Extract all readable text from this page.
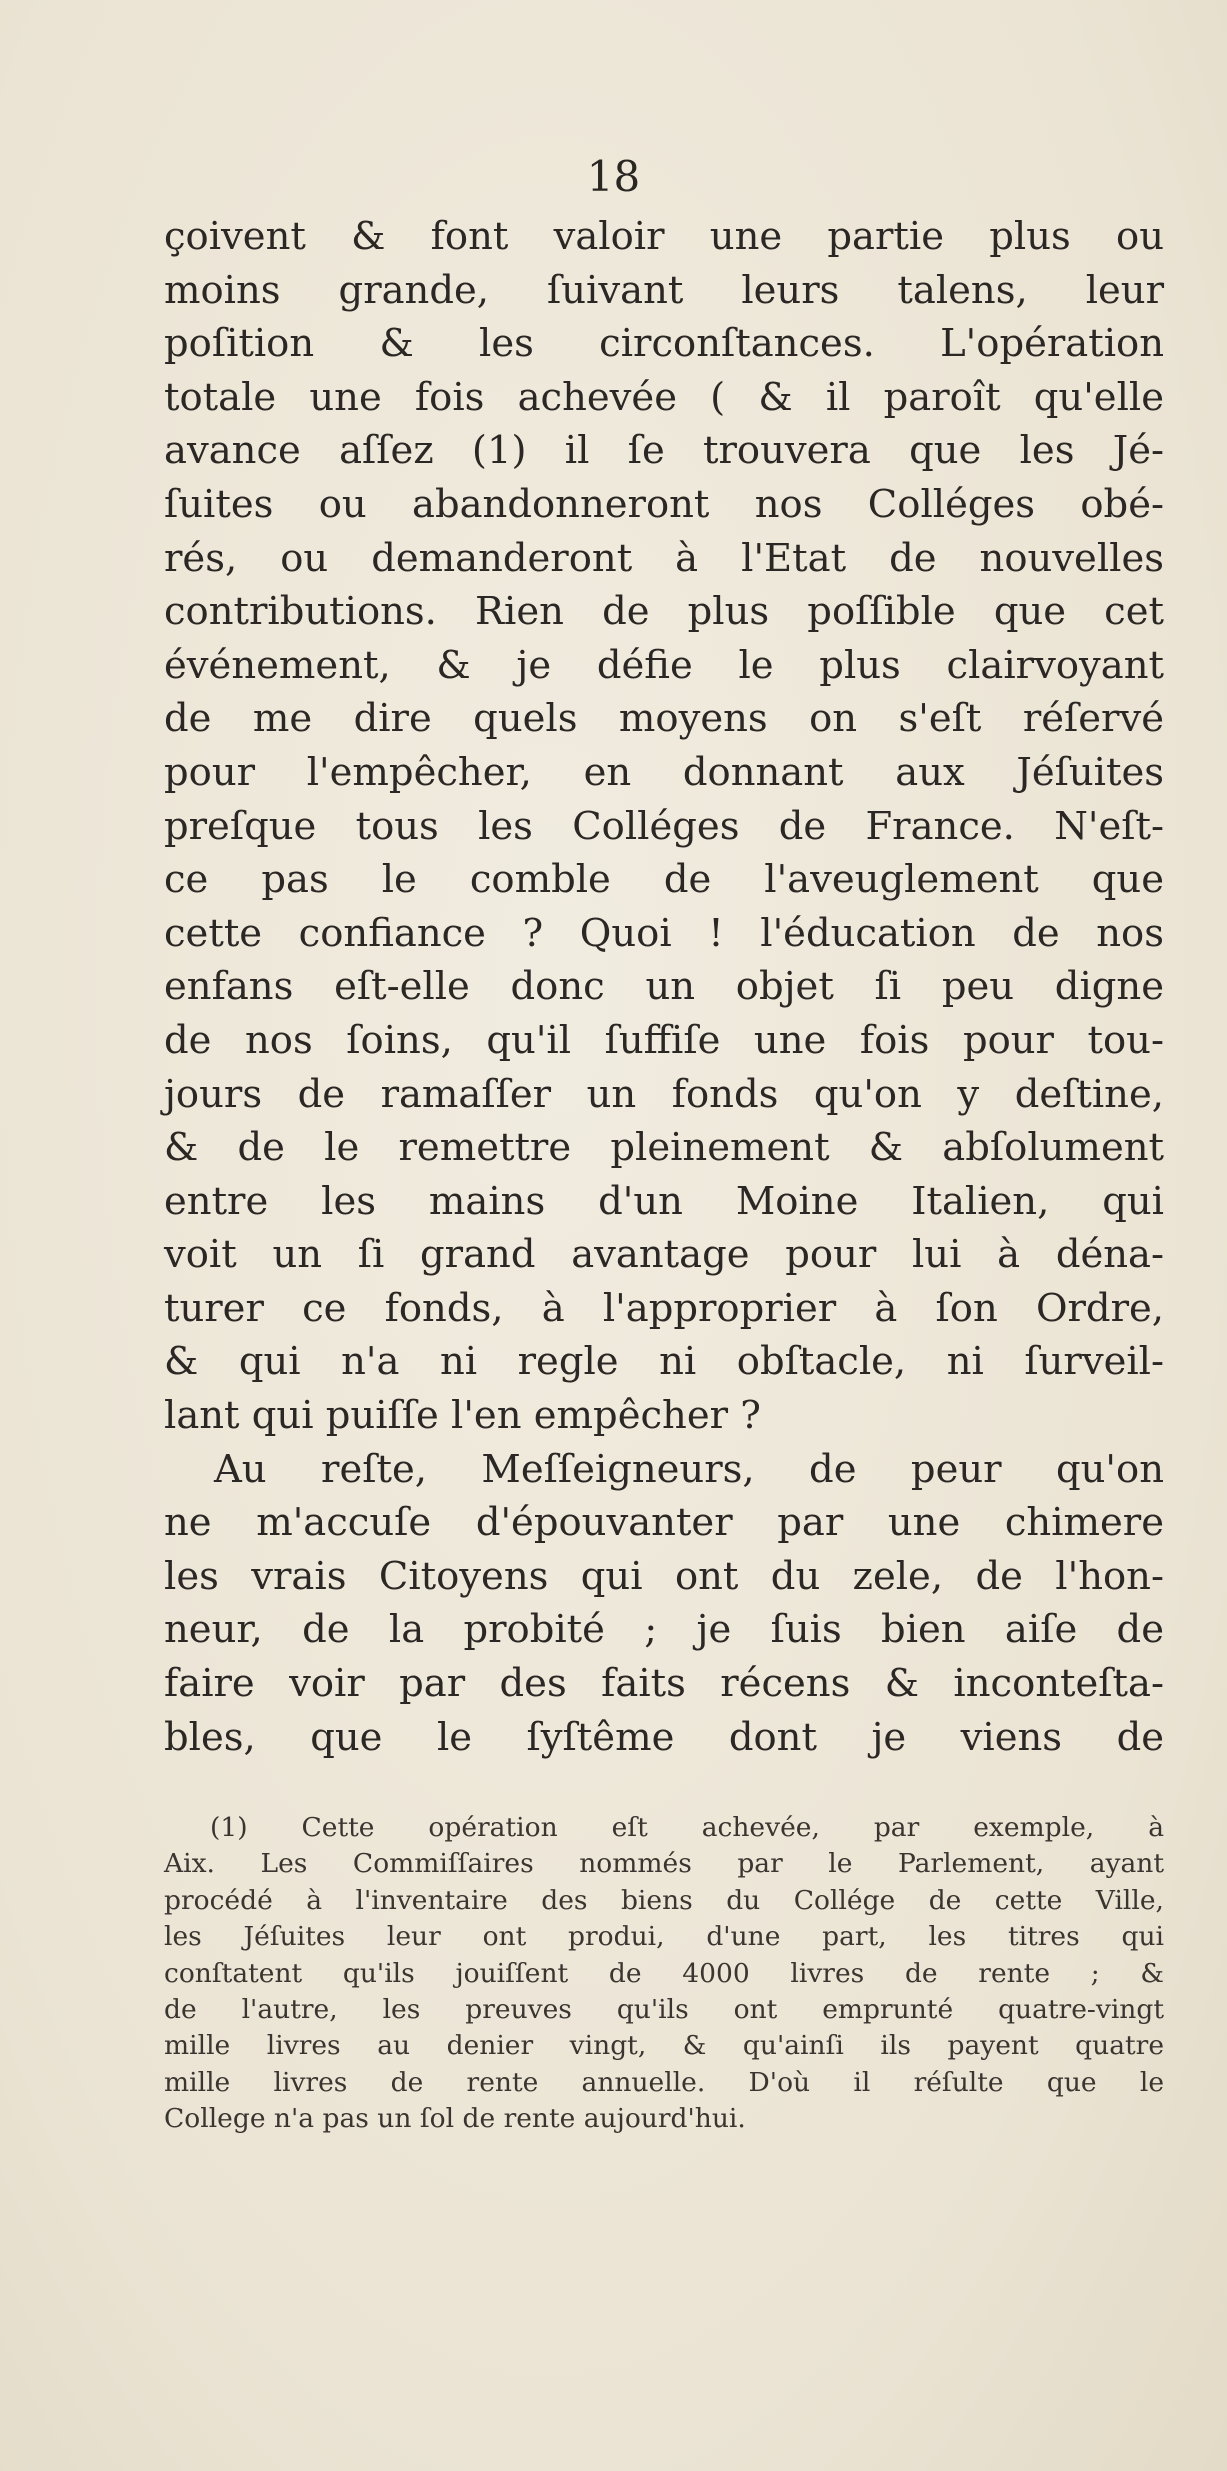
18
çoivent & font valoir une partie plus ou
moins grande, ſuivant leurs talens, leur
poſition & les circonſtances. L'opération
totale une fois achevée ( & il paroît qu'elle
avance aſſez (1) il ſe trouvera que les Jé-
ſuites ou abandonneront nos Colléges obé-
rés, ou demanderont à l'Etat de nouvelles
contributions. Rien de plus poſſible que cet
événement, & je défie le plus clairvoyant
de me dire quels moyens on s'eſt réſervé
pour l'empêcher, en donnant aux Jéſuites
preſque tous les Colléges de France. N'eſt-
ce pas le comble de l'aveuglement que
cette confiance ? Quoi ! l'éducation de nos
enfans eſt-elle donc un objet ſi peu digne
de nos ſoins, qu'il ſuffiſe une fois pour tou-
jours de ramaſſer un fonds qu'on y deſtine,
& de le remettre pleinement & abſolument
entre les mains d'un Moine Italien, qui
voit un ſi grand avantage pour lui à déna-
turer ce fonds, à l'approprier à ſon Ordre,
& qui n'a ni regle ni obſtacle, ni ſurveil-
lant qui puiſſe l'en empêcher ?
Au reſte, Meſſeigneurs, de peur qu'on
ne m'accuſe d'épouvanter par une chimere
les vrais Citoyens qui ont du zele, de l'hon-
neur, de la probité ; je ſuis bien aiſe de
faire voir par des faits récens & inconteſta-
bles, que le ſyſtême dont je viens de
(1) Cette opération eſt achevée, par exemple, à
Aix. Les Commiſſaires nommés par le Parlement, ayant
procédé à l'inventaire des biens du Collége de cette Ville,
les Jéſuites leur ont produi, d'une part, les titres qui
conſtatent qu'ils jouiſſent de 4000 livres de rente ; &
de l'autre, les preuves qu'ils ont emprunté quatre-vingt
mille livres au denier vingt, & qu'ainſi ils payent quatre
mille livres de rente annuelle. D'où il réſulte que le
College n'a pas un ſol de rente aujourd'hui.
